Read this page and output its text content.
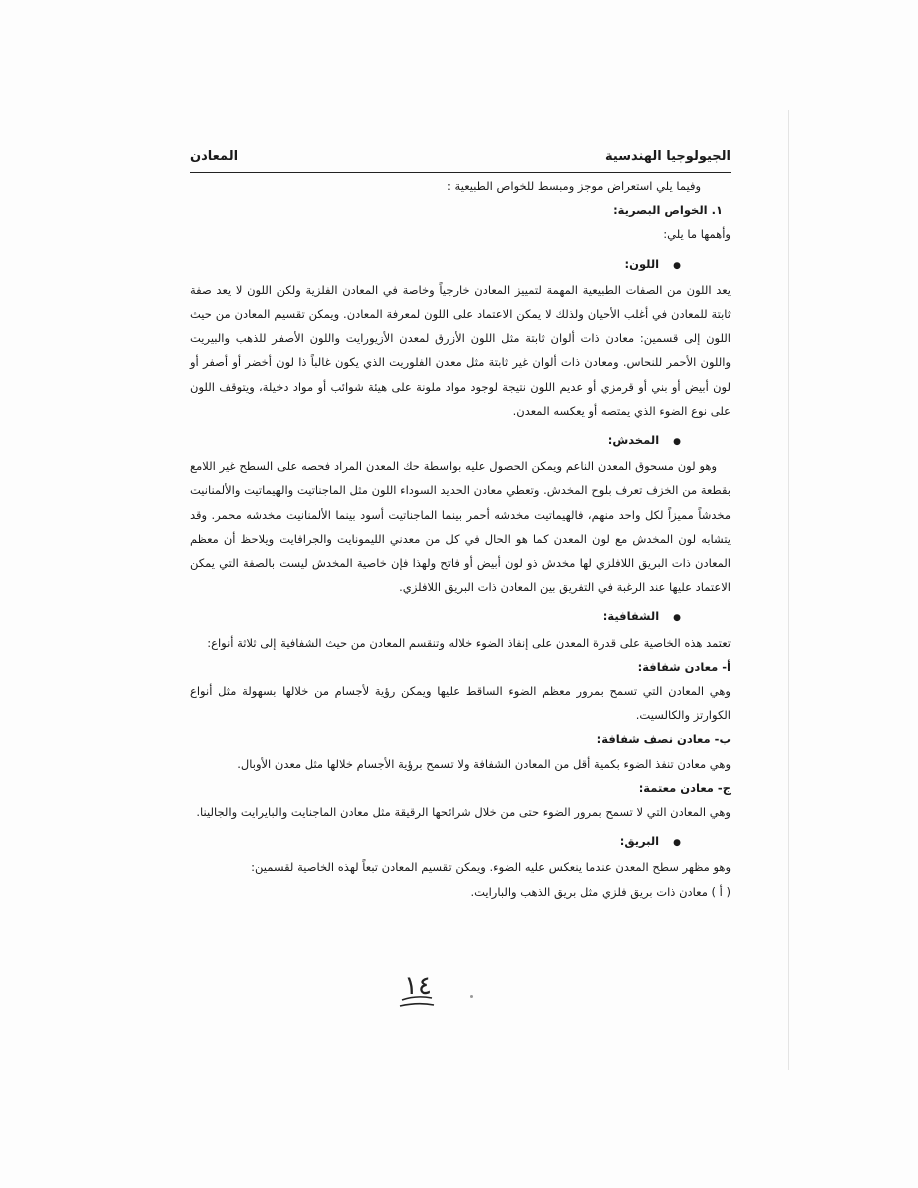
الجيولوجيا الهندسية
المعادن

وفيما يلي استعراض موجز ومبسط للخواص الطبيعية :

١. الخواص البصرية:

وأهمها ما يلي:

●اللون:

يعد اللون من الصفات الطبيعية المهمة لتمييز المعادن خارجياً وخاصة في المعادن الفلزية ولكن اللون لا يعد صفة ثابتة للمعادن في أغلب الأحيان ولذلك لا يمكن الاعتماد على اللون لمعرفة المعادن. ويمكن تقسيم المعادن من حيث اللون إلى قسمين: معادن ذات ألوان ثابتة مثل اللون الأزرق لمعدن الأزيورايت واللون الأصفر للذهب والبيريت واللون الأحمر للنحاس. ومعادن ذات ألوان غير ثابتة مثل معدن الفلوريت الذي يكون غالباً ذا لون أخضر أو أصفر أو لون أبيض أو بني أو قرمزي أو عديم اللون نتيجة لوجود مواد ملونة على هيئة شوائب أو مواد دخيلة، ويتوقف اللون على نوع الضوء الذي يمتصه أو يعكسه المعدن.

●المخدش:

وهو لون مسحوق المعدن الناعم ويمكن الحصول عليه بواسطة حك المعدن المراد فحصه على السطح غير اللامع بقطعة من الخزف تعرف بلوح المخدش. وتعطي معادن الحديد السوداء اللون مثل الماجناتيت والهيماتيت والألمنانيت مخدشاً مميزاً لكل واحد منهم، فالهيماتيت مخدشه أحمر بينما الماجناتيت أسود بينما الألمنانيت مخدشه محمر. وقد يتشابه لون المخدش مع لون المعدن كما هو الحال في كل من معدني الليمونايت والجرافايت ويلاحظ أن معظم المعادن ذات البريق اللافلزي لها مخدش ذو لون أبيض أو فاتح ولهذا فإن خاصية المخدش ليست بالصفة التي يمكن الاعتماد عليها عند الرغبة في التفريق بين المعادن ذات البريق اللافلزي.

●الشفافية:

تعتمد هذه الخاصية على قدرة المعدن على إنفاذ الضوء خلاله وتنقسم المعادن من حيث الشفافية إلى ثلاثة أنواع:

أ- معادن شفافة:

وهي المعادن التي تسمح بمرور معظم الضوء الساقط عليها ويمكن رؤية لأجسام من خلالها بسهولة مثل أنواع الكوارتز والكالسيت.

ب- معادن نصف شفافة:

وهي معادن تنفذ الضوء بكمية أقل من المعادن الشفافة ولا تسمح برؤية الأجسام خلالها مثل معدن الأوبال.

ج- معادن معتمة:

وهي المعادن التي لا تسمح بمرور الضوء حتى من خلال شرائحها الرقيقة مثل معادن الماجنايت والبايرايت والجالينا.

●البريق:

وهو مظهر سطح المعدن عندما ينعكس عليه الضوء. ويمكن تقسيم المعادن تبعاً لهذه الخاصية لقسمين:

( أ ) معادن ذات بريق فلزي مثل بريق الذهب والبارايت.

١٤
